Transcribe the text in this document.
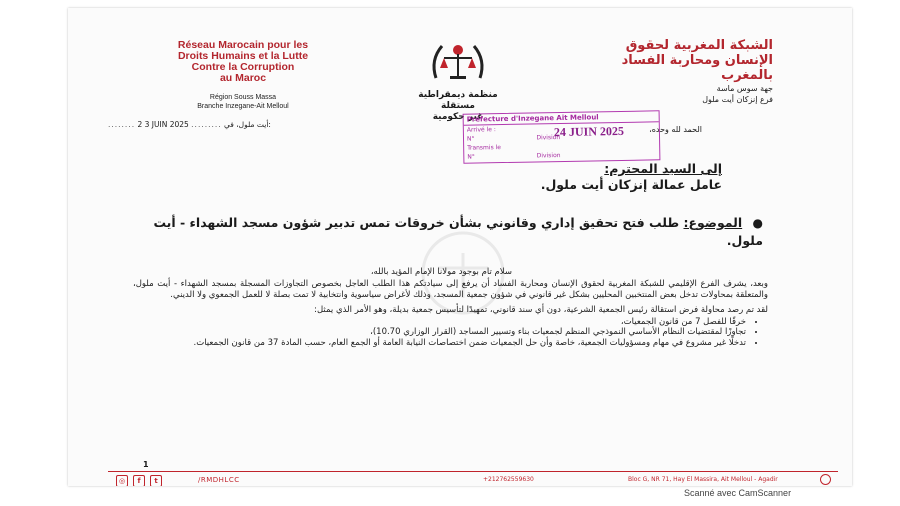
Réseau Marocain pour les
Droits Humains et la Lutte
Contre la Corruption
au Maroc
Région Souss Massa
Branche Inzegane-Ait Melloul
منظمة ديمقراطية مستقلة
غير حكومية
الشبكة المغربية لحقوق
الإنسان ومحاربة الفساد
بالمغرب
جهة سوس ماسة
فرع إنزكان أيت ملول
........ 2 3 JUIN 2025 ......... أيت ملول، في:
الحمد لله وحده،
Préfecture d'Inzegane Ait Melloul
Arrivé le :
N°	Division
Transmis le
N°	Division
24 JUIN 2025
إلى السيد المحترم:
عامل عمالة إنزكان أيت ملول.
● الموضوع: طلب فتح تحقيق إداري وقانوني بشأن خروقات تمس تدبير شؤون مسجد الشهداء - أيت ملول.
سلام تام بوجود مولانا الإمام المؤيد بالله،

وبعد، يشرف الفرع الإقليمي للشبكة المغربية لحقوق الإنسان ومحاربة الفساد أن يرفع إلى سيادتكم هذا الطلب العاجل بخصوص التجاوزات المسجلة بمسجد الشهداء - أيت ملول، والمتعلقة بمحاولات تدخل بعض المنتخبين المحليين بشكل غير قانوني في شؤون جمعية المسجد، وذلك لأغراض سياسوية وانتخابية لا تمت بصلة لا للعمل الجمعوي ولا الديني.

لقد تم رصد محاولة فرض استقالة رئيس الجمعية الشرعية، دون أي سند قانوني، تمهيدًا لتأسيس جمعية بديلة، وهو الأمر الذي يمثل:

• خرقًا للفصل 7 من قانون الجمعيات،
• تجاوزًا لمقتضيات النظام الأساسي النموذجي المنظم لجمعيات بناء وتسيير المساجد (القرار الوزاري 10.70)،
• تدخلًا غير مشروع في مهام ومسؤوليات الجمعية، خاصة وأن حل الجمعيات ضمن اختصاصات النيابة العامة أو الجمع العام، حسب المادة 37 من قانون الجمعيات.
1
◎	f	t	/RMDHLCC	+212762559630	Bloc G, NR 71, Hay El Massira, Ait Melloul - Agadir
Scanné avec CamScanner
